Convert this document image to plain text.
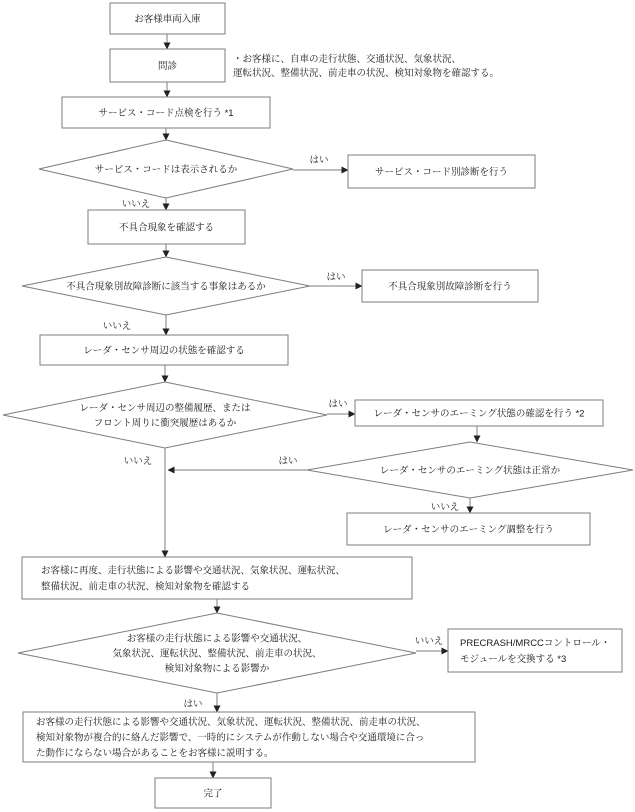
はい
いいえ
はい
いいえ
はい
いいえ	はい
いいえ
いいえ
はい
お客様車両入庫
問診
・お客様に、自車の走行状態、交通状況、気象状況、
運転状況、整備状況、前走車の状況、検知対象物を確認する。
サービス・コード点検を行う *1
サービス・コードは表示されるか	サービス・コード別診断を行う
不具合現象を確認する
不具合現象別故障診断に該当する事象はあるか	不具合現象別故障診断を行う
レーダ・センサ周辺の状態を確認する
レーダ・センサ周辺の整備履歴、または
フロント周りに衝突履歴はあるか
レーダ・センサのエーミング状態の確認を行う *2
レーダ・センサのエーミング状態は正常か
レーダ・センサのエーミング調整を行う
お客様に再度、走行状態による影響や交通状況、気象状況、運転状況、
整備状況、前走車の状況、検知対象物を確認する
お客様の走行状態による影響や交通状況、
気象状況、運転状況、整備状況、前走車の状況、
検知対象物による影響か
PRECRASH/MRCCコントロール・
モジュールを交換する *3
お客様の走行状態による影響や交通状況、気象状況、運転状況、整備状況、前走車の状況、
検知対象物が複合的に絡んだ影響で、一時的にシステムが作動しない場合や交通環境に合っ
た動作にならない場合があることをお客様に説明する。
完了
